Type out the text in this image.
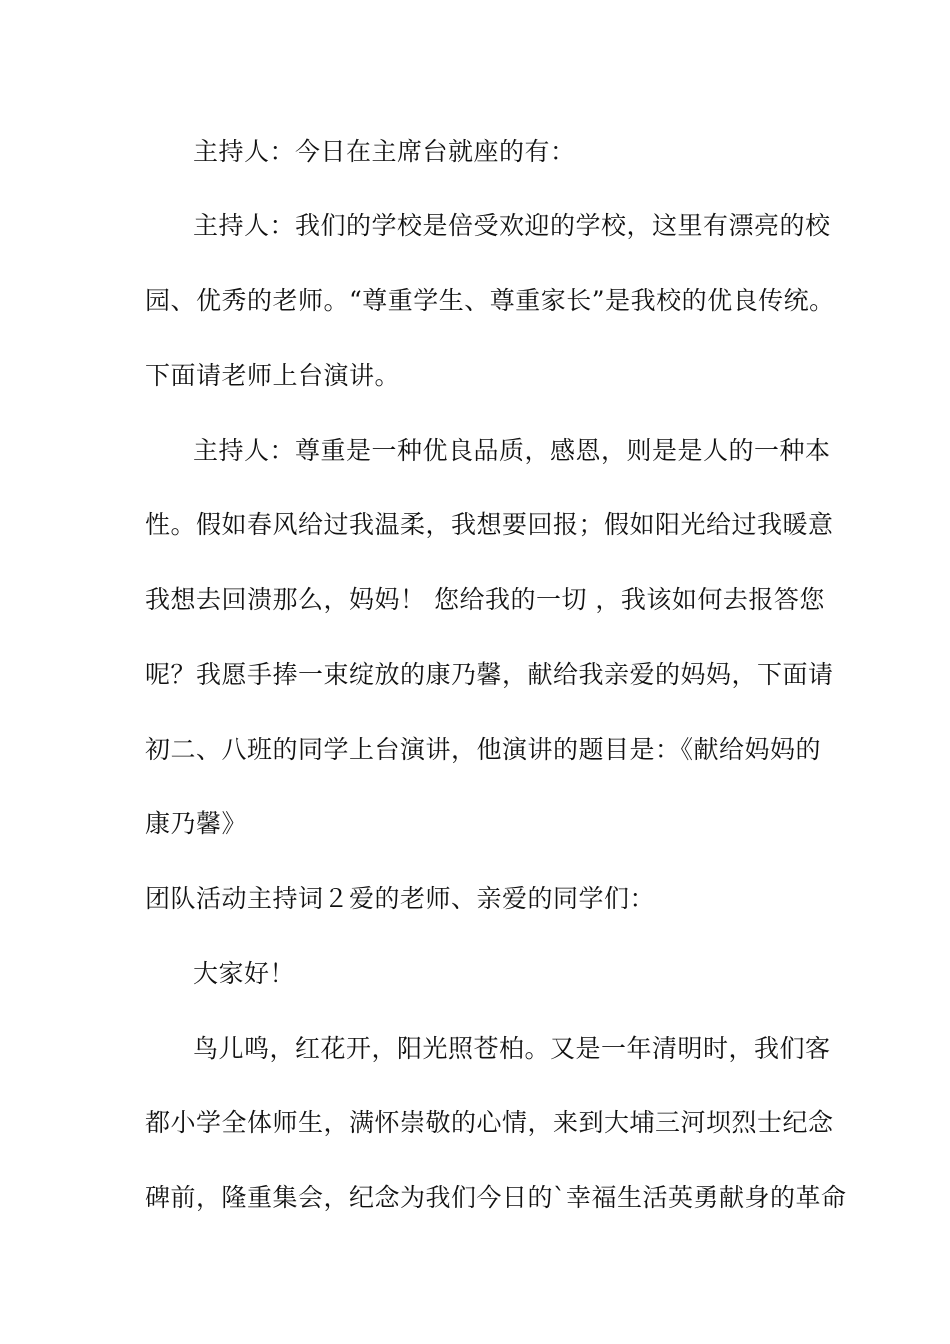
主持人：今日在主席台就座的有：
主持人：我们的学校是倍受欢迎的学校，这里有漂亮的校
园、优秀的老师。“尊重学生、尊重家长”是我校的优良传统。
下面请老师上台演讲。
主持人：尊重是一种优良品质，感恩，则是是人的一种本
性。假如春风给过我温柔，我想要回报；假如阳光给过我暖意
我想去回溃那么，妈妈！ 您给我的一切 ，我该如何去报答您
呢？我愿手捧一束绽放的康乃馨，献给我亲爱的妈妈，下面请
初二、八班的同学上台演讲，他演讲的题目是：《献给妈妈的
康乃馨》
团队活动主持词２爱的老师、亲爱的同学们：
大家好！
鸟儿鸣，红花开，阳光照苍柏。又是一年清明时，我们客
都小学全体师生，满怀崇敬的心情，来到大埔三河坝烈士纪念
碑前，隆重集会，纪念为我们今日的`幸福生活英勇献身的革命
